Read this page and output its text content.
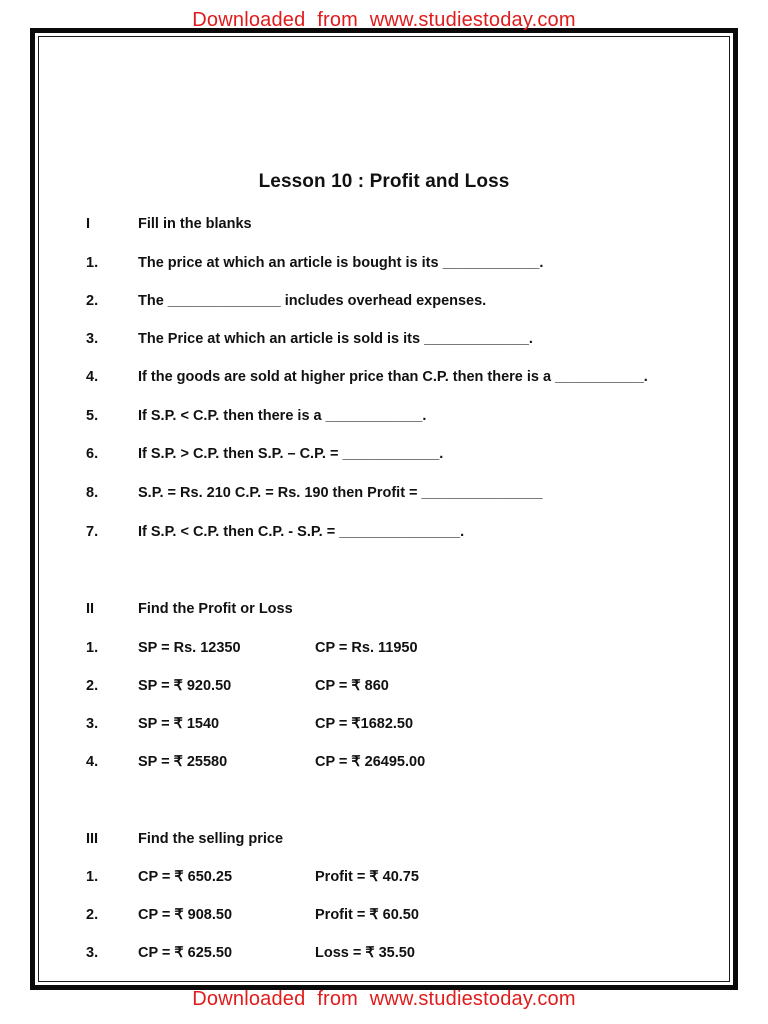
Downloaded from www.studiestoday.com
Lesson 10 : Profit and Loss
I	Fill in the blanks
1.	The price at which an article is bought is its ____________.
2.	The ______________ includes overhead expenses.
3.	The Price at which an article is sold is its _____________.
4.	If the goods are sold at higher price than C.P. then there is a ___________.
5.	If S.P. < C.P. then there is a ____________.
6.	If S.P. > C.P. then S.P. – C.P. = ____________.
8.	S.P. = Rs. 210 C.P. = Rs. 190 then Profit = _______________
7.	If S.P. < C.P. then C.P. - S.P. = _______________.
II	Find the Profit or Loss
1.	SP = Rs. 12350	CP = Rs. 11950
2.	SP = ₹ 920.50	CP = ₹ 860
3.	SP = ₹ 1540	CP = ₹1682.50
4.	SP = ₹ 25580	CP = ₹ 26495.00
III	Find the selling price
1.	CP = ₹ 650.25	Profit = ₹ 40.75
2.	CP = ₹ 908.50	Profit = ₹ 60.50
3.	CP = ₹ 625.50	Loss = ₹ 35.50
Downloaded from www.studiestoday.com
